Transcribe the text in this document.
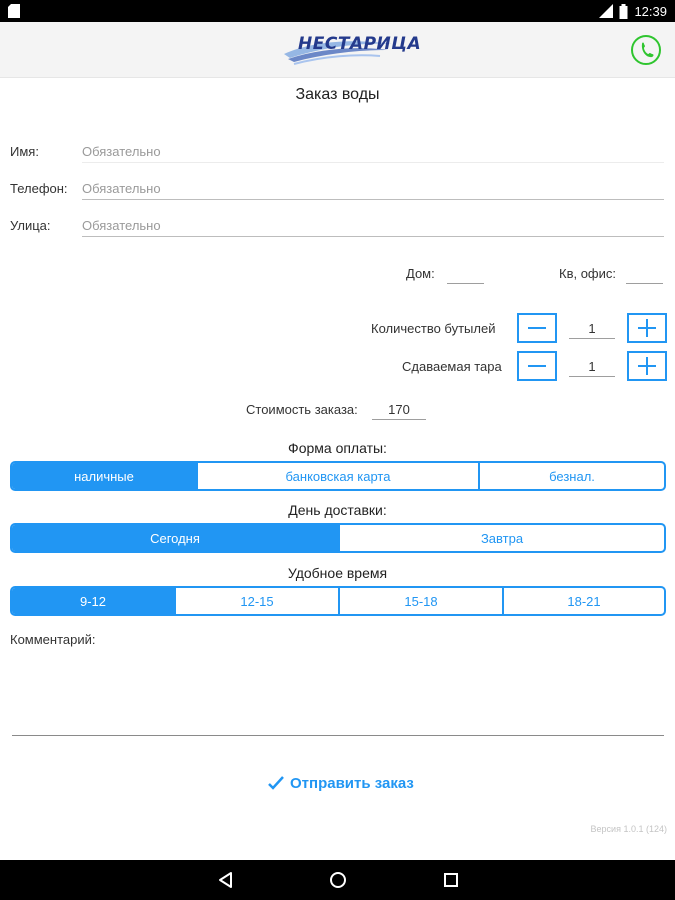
12:39
НЕСТАРИЦА
Заказ воды
Имя:	Обязательно
Телефон: Обязательно
Улица: Обязательно
Дом:	Кв, офис:
Количество бутылей	1
Сдаваемая тара	1
Стоимость заказа:	170
Форма оплаты:
наличные	банковская карта	безнал.
День доставки:
Сегодня	Завтра
Удобное время
9-12	12-15	15-18	18-21
Комментарий:
Отправить заказ
Версия 1.0.1 (124)
